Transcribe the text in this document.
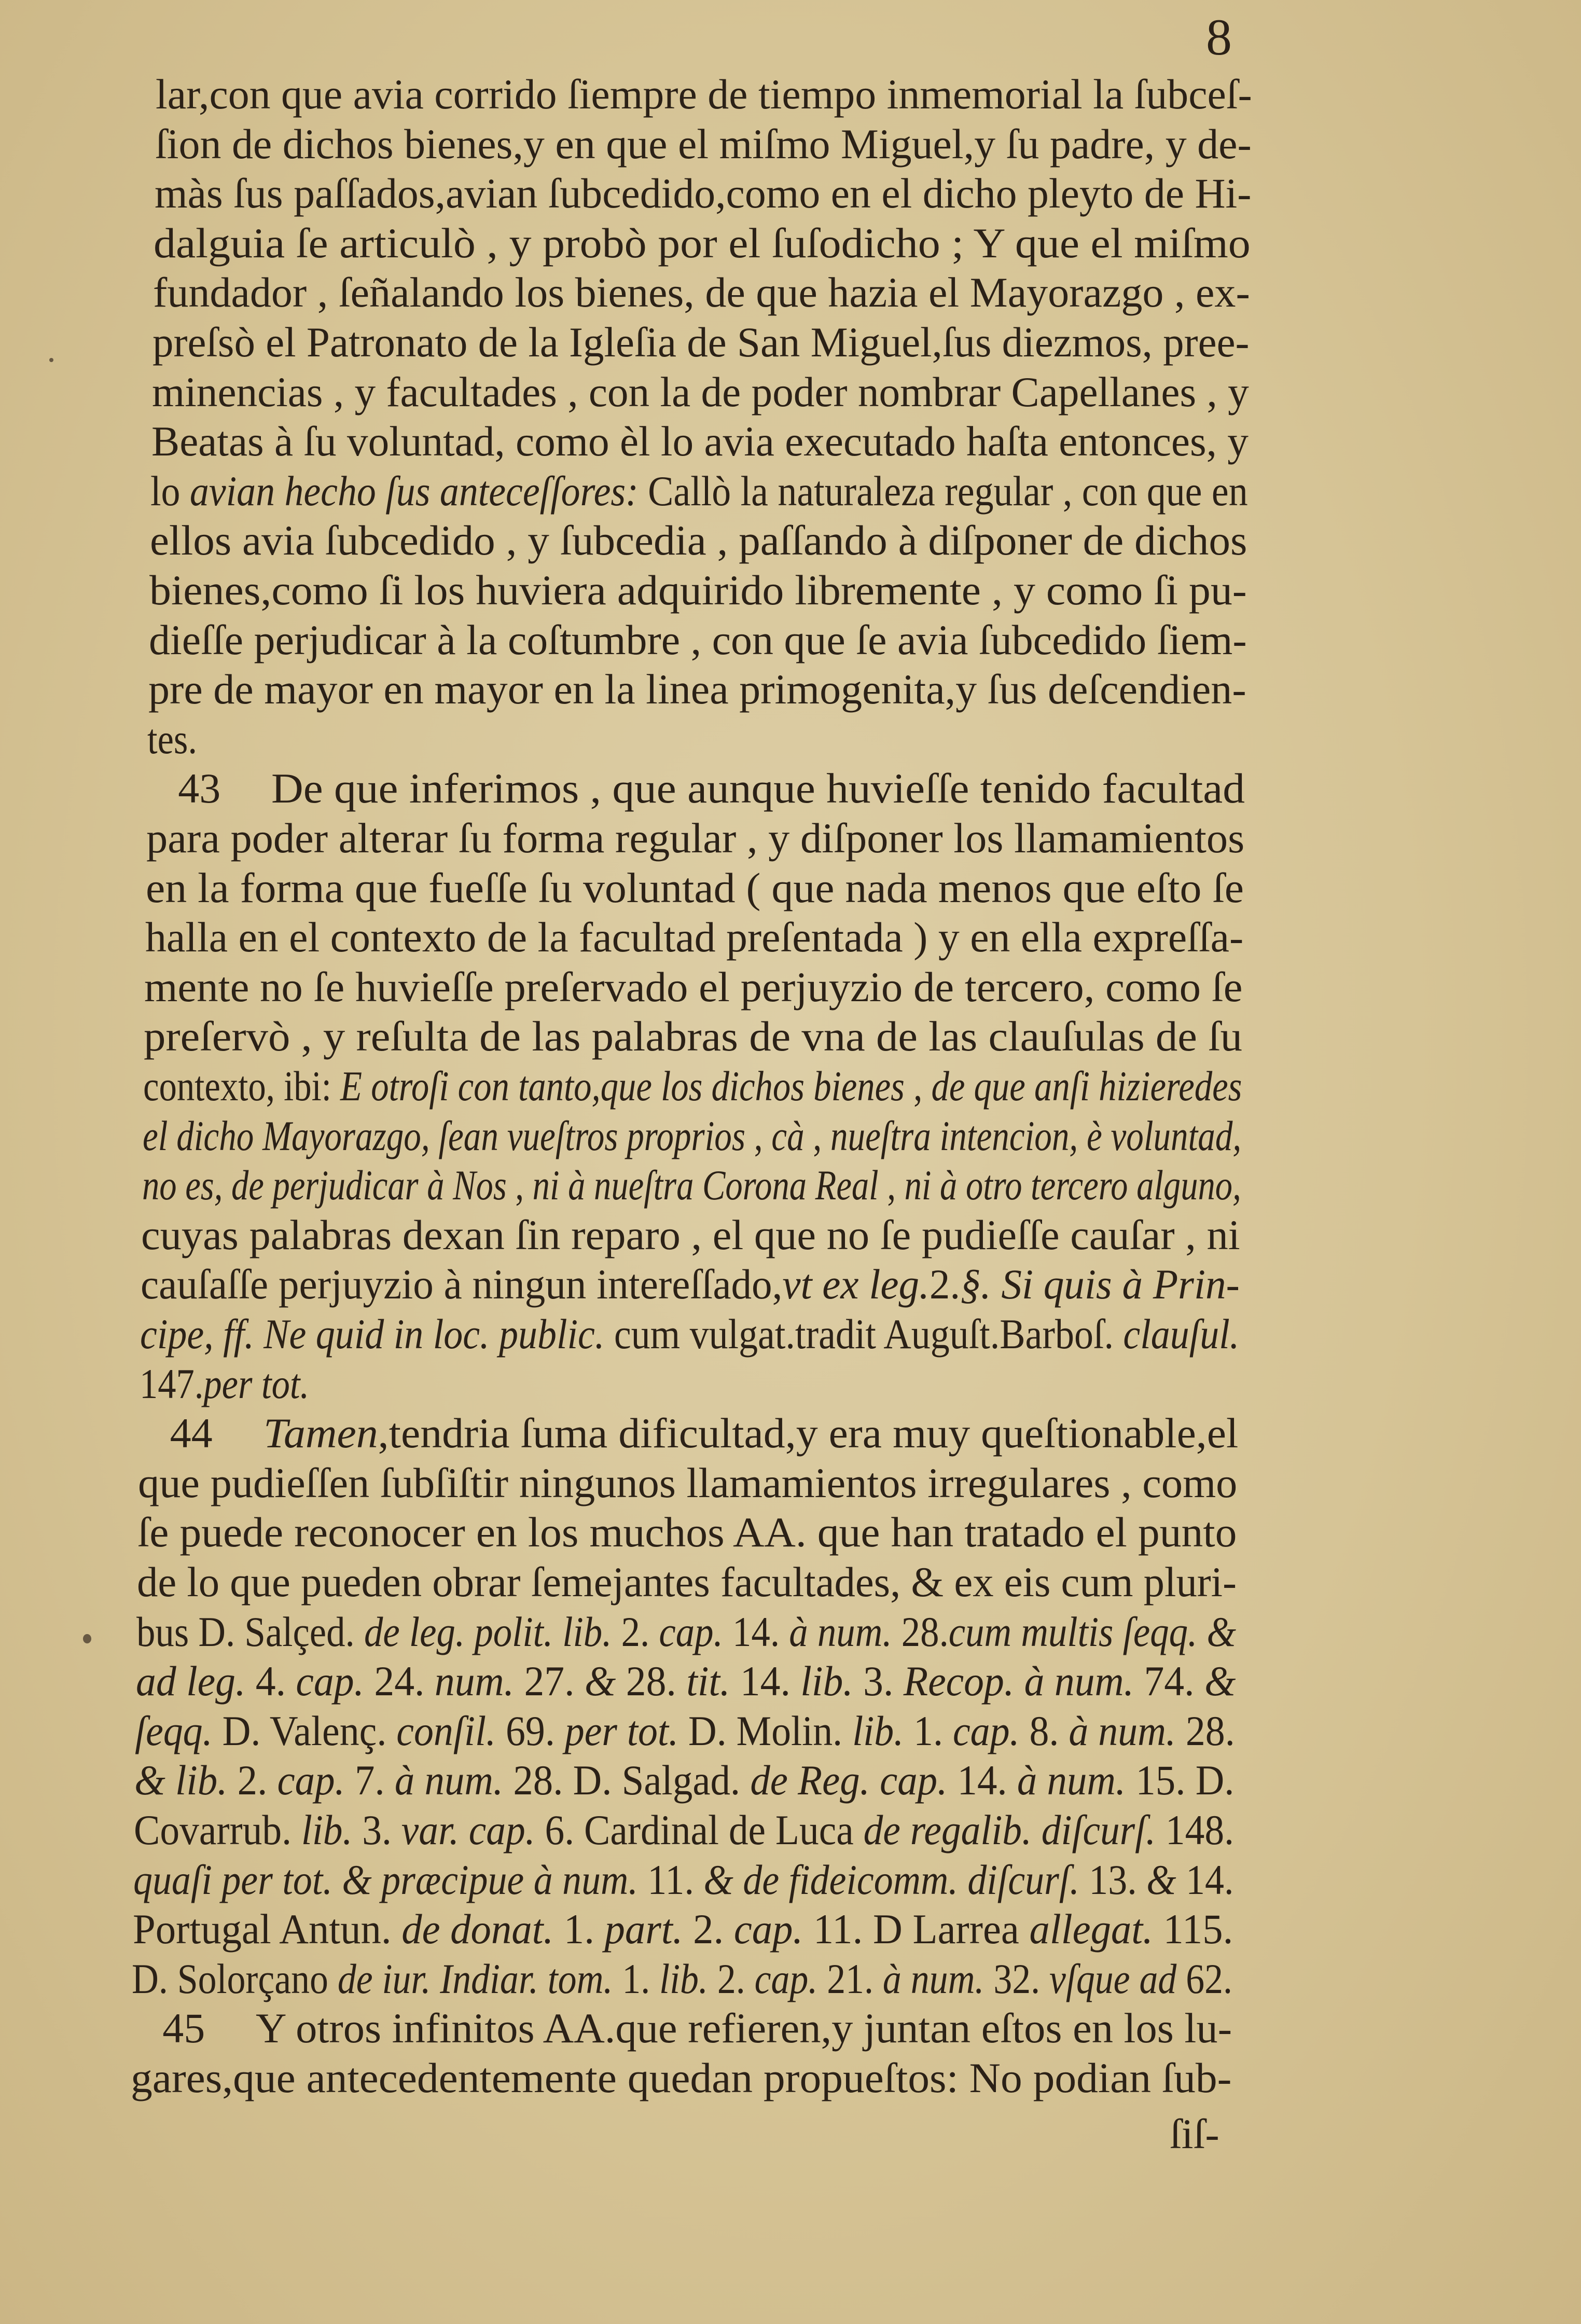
8
lar,con que avia corrido ſiempre de tiempo inmemorial la ſubceſ-
ſion de dichos bienes,y en que el miſmo Miguel,y ſu padre, y de-
màs ſus paſſados,avian ſubcedido,como en el dicho pleyto de Hi-
dalguia ſe articulò , y probò por el ſuſodicho ; Y que el miſmo
fundador , ſeñalando los bienes, de que hazia el Mayorazgo , ex-
preſsò el Patronato de la Igleſia de San Miguel,ſus diezmos, pree-
minencias , y facultades , con la de poder nombrar Capellanes , y
Beatas à ſu voluntad, como èl lo avia executado haſta entonces, y
lo avian hecho ſus anteceſſores: Callò la naturaleza regular , con que en
ellos avia ſubcedido , y ſubcedia , paſſando à diſponer de dichos
bienes,como ſi los huviera adquirido libremente , y como ſi pu-
dieſſe perjudicar à la coſtumbre , con que ſe avia ſubcedido ſiem-
pre de mayor en mayor en la linea primogenita,y ſus deſcendien-
tes.
43 De que inferimos , que aunque huvieſſe tenido facultad
para poder alterar ſu forma regular , y diſponer los llamamientos
en la forma que fueſſe ſu voluntad ( que nada menos que eſto ſe
halla en el contexto de la facultad preſentada ) y en ella expreſſa-
mente no ſe huvieſſe preſervado el perjuyzio de tercero, como ſe
preſervò , y reſulta de las palabras de vna de las clauſulas de ſu
contexto, ibi: E otroſi con tanto,que los dichos bienes , de que anſi hizieredes
el dicho Mayorazgo, ſean vueſtros proprios , cà , nueſtra intencion, è voluntad,
no es, de perjudicar à Nos , ni à nueſtra Corona Real , ni à otro tercero alguno,
cuyas palabras dexan ſin reparo , el que no ſe pudieſſe cauſar , ni
cauſaſſe perjuyzio à ningun intereſſado,vt ex leg.2.§. Si quis à Prin-
cipe, ff. Ne quid in loc. public. cum vulgat.tradit Auguſt.Barboſ. clauſul.
147.per tot.
44 Tamen,tendria ſuma dificultad,y era muy queſtionable,el
que pudieſſen ſubſiſtir ningunos llamamientos irregulares , como
ſe puede reconocer en los muchos AA. que han tratado el punto
de lo que pueden obrar ſemejantes facultades, & ex eis cum pluri-
bus D. Salçed. de leg. polit. lib. 2. cap. 14. à num. 28.cum multis ſeqq. &
ad leg. 4. cap. 24. num. 27. & 28. tit. 14. lib. 3. Recop. à num. 74. &
ſeqq. D. Valenç. conſil. 69. per tot. D. Molin. lib. 1. cap. 8. à num. 28.
& lib. 2. cap. 7. à num. 28. D. Salgad. de Reg. cap. 14. à num. 15. D.
Covarrub. lib. 3. var. cap. 6. Cardinal de Luca de regalib. diſcurſ. 148.
quaſi per tot. & præcipue à num. 11. & de fideicomm. diſcurſ. 13. & 14.
Portugal Antun. de donat. 1. part. 2. cap. 11. D Larrea allegat. 115.
D. Solorçano de iur. Indiar. tom. 1. lib. 2. cap. 21. à num. 32. vſque ad 62.
45 Y otros infinitos AA.que refieren,y juntan eſtos en los lu-
gares,que antecedentemente quedan propueſtos: No podian ſub-
ſiſ-
